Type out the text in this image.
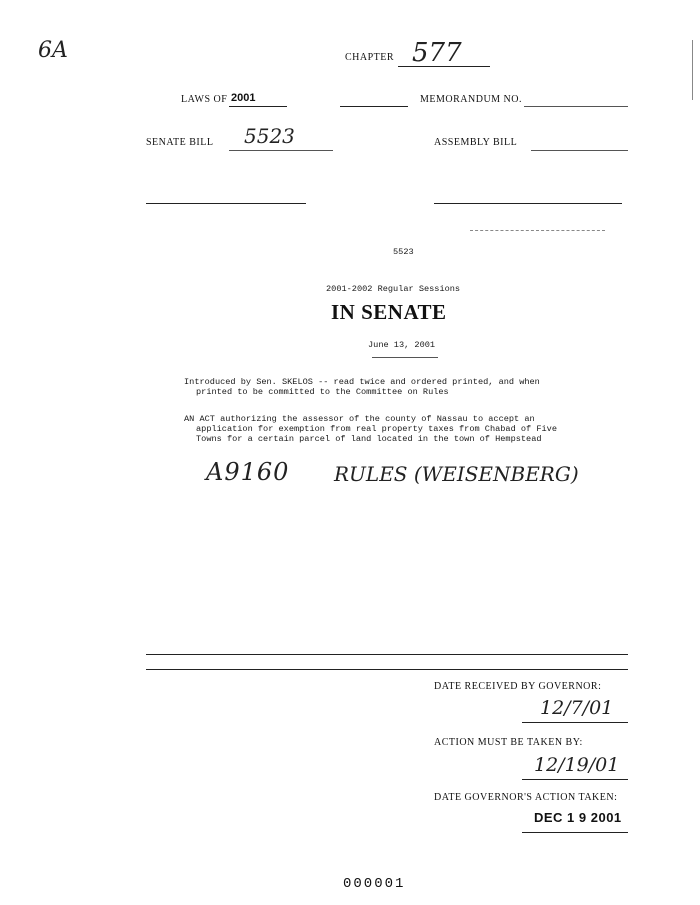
6A	CHAPTER 577
LAWS OF 2001	MEMORANDUM NO.
SENATE BILL 5523	ASSEMBLY BILL
5523
2001-2002 Regular Sessions
IN SENATE
June 13, 2001
Introduced by Sen. SKELOS -- read twice and ordered printed, and when
printed to be committed to the Committee on Rules
AN ACT authorizing the assessor of the county of Nassau to accept an
application for exemption from real property taxes from Chabad of Five
Towns for a certain parcel of land located in the town of Hempstead
A9160 RULES (WEISENBERG)
DATE RECEIVED BY GOVERNOR:
12/7/01
ACTION MUST BE TAKEN BY:
12/19/01
DATE GOVERNOR'S ACTION TAKEN:
DEC 1 9 2001
000001
